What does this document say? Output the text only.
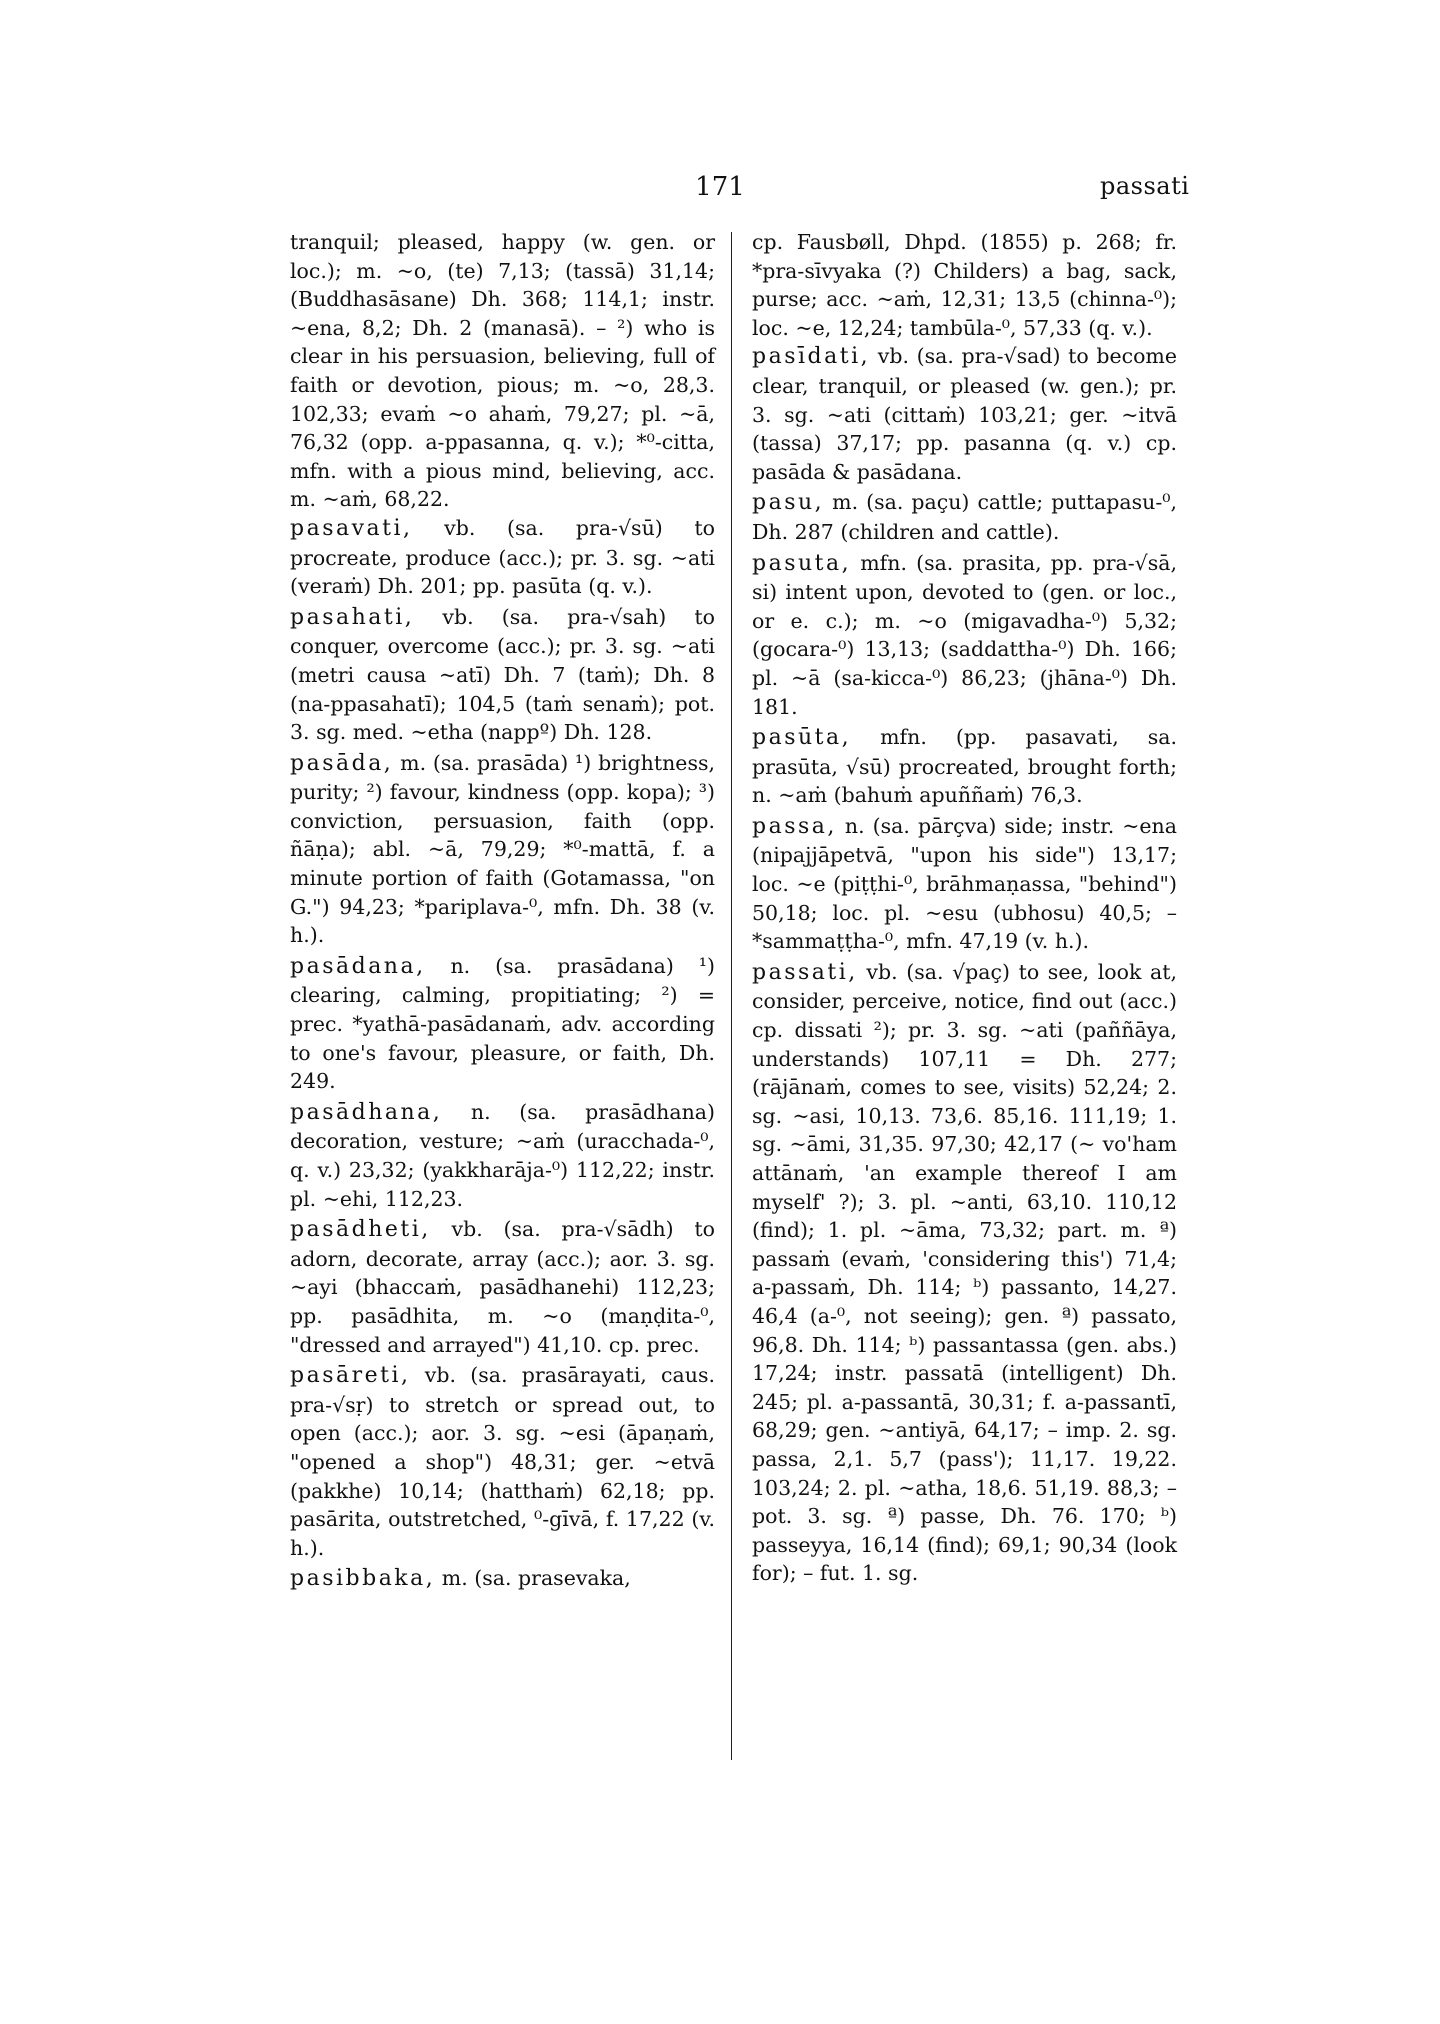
171	passati

tranquil; pleased, happy (w. gen. or loc.); m. ~o, (te) 7,13; (tassā) 31,14; (Buddhasāsane) Dh. 368; 114,1; instr. ~ena, 8,2; Dh. 2 (manasā). – ²) who is clear in his persuasion, believing, full of faith or devotion, pious; m. ~o, 28,3. 102,33; evaṁ ~o ahaṁ, 79,27; pl. ~ā, 76,32 (opp. a-ppasanna, q. v.); *⁰-citta, mfn. with a pious mind, believing, acc. m. ~aṁ, 68,22.

pasavati, vb. (sa. pra-√sū) to procreate, produce (acc.); pr. 3. sg. ~ati (veraṁ) Dh. 201; pp. pasūta (q. v.).

pasahati, vb. (sa. pra-√sah) to conquer, overcome (acc.); pr. 3. sg. ~ati (metri causa ~atī) Dh. 7 (taṁ); Dh. 8 (na-ppasahatī); 104,5 (taṁ senaṁ); pot. 3. sg. med. ~etha (nappº) Dh. 128.

pasāda, m. (sa. prasāda) ¹) brightness, purity; ²) favour, kindness (opp. kopa); ³) conviction, persuasion, faith (opp. ñāṇa); abl. ~ā, 79,29; *⁰-mattā, f. a minute portion of faith (Gotamassa, "on G.") 94,23; *pariplava-⁰, mfn. Dh. 38 (v. h.).

pasādana, n. (sa. prasādana) ¹) clearing, calming, propitiating; ²) = prec. *yathā-pasādanaṁ, adv. according to one's favour, pleasure, or faith, Dh. 249.

pasādhana, n. (sa. prasādhana) decoration, vesture; ~aṁ (uracchada-⁰, q. v.) 23,32; (yakkharāja-⁰) 112,22; instr. pl. ~ehi, 112,23.

pasādheti, vb. (sa. pra-√sādh) to adorn, decorate, array (acc.); aor. 3. sg. ~ayi (bhaccaṁ, pasādhanehi) 112,23; pp. pasādhita, m. ~o (maṇḍita-⁰, "dressed and arrayed") 41,10. cp. prec.

pasāreti, vb. (sa. prasārayati, caus. pra-√sṛ) to stretch or spread out, to open (acc.); aor. 3. sg. ~esi (āpaṇaṁ, "opened a shop") 48,31; ger. ~etvā (pakkhe) 10,14; (hatthaṁ) 62,18; pp. pasārita, outstretched, ⁰-gīvā, f. 17,22 (v. h.).

pasibbaka, m. (sa. prasevaka,

cp. Fausbøll, Dhpd. (1855) p. 268; fr. *pra-sīvyaka (?) Childers) a bag, sack, purse; acc. ~aṁ, 12,31; 13,5 (chinna-⁰); loc. ~e, 12,24; tambūla-⁰, 57,33 (q. v.).

pasīdati, vb. (sa. pra-√sad) to become clear, tranquil, or pleased (w. gen.); pr. 3. sg. ~ati (cittaṁ) 103,21; ger. ~itvā (tassa) 37,17; pp. pasanna (q. v.) cp. pasāda & pasādana.

pasu, m. (sa. paçu) cattle; puttapasu-⁰, Dh. 287 (children and cattle).

pasuta, mfn. (sa. prasita, pp. pra-√sā, si) intent upon, devoted to (gen. or loc., or e. c.); m. ~o (migavadha-⁰) 5,32; (gocara-⁰) 13,13; (saddattha-⁰) Dh. 166; pl. ~ā (sa-kicca-⁰) 86,23; (jhāna-⁰) Dh. 181.

pasūta, mfn. (pp. pasavati, sa. prasūta, √sū) procreated, brought forth; n. ~aṁ (bahuṁ apuññaṁ) 76,3.

passa, n. (sa. pārçva) side; instr. ~ena (nipajjāpetvā, "upon his side") 13,17; loc. ~e (piṭṭhi-⁰, brāhmaṇassa, "behind") 50,18; loc. pl. ~esu (ubhosu) 40,5; – *sammaṭṭha-⁰, mfn. 47,19 (v. h.).

passati, vb. (sa. √paç) to see, look at, consider, perceive, notice, find out (acc.) cp. dissati ²); pr. 3. sg. ~ati (paññāya, understands) 107,11 = Dh. 277; (rājānaṁ, comes to see, visits) 52,24; 2. sg. ~asi, 10,13. 73,6. 85,16. 111,19; 1. sg. ~āmi, 31,35. 97,30; 42,17 (~ vo'ham attānaṁ, 'an example thereof I am myself' ?); 3. pl. ~anti, 63,10. 110,12 (find); 1. pl. ~āma, 73,32; part. m. ª) passaṁ (evaṁ, 'considering this') 71,4; a-passaṁ, Dh. 114; ᵇ) passanto, 14,27. 46,4 (a-⁰, not seeing); gen. ª) passato, 96,8. Dh. 114; ᵇ) passantassa (gen. abs.) 17,24; instr. passatā (intelligent) Dh. 245; pl. a-passantā, 30,31; f. a-passantī, 68,29; gen. ~antiyā, 64,17; – imp. 2. sg. passa, 2,1. 5,7 (pass'); 11,17. 19,22. 103,24; 2. pl. ~atha, 18,6. 51,19. 88,3; – pot. 3. sg. ª) passe, Dh. 76. 170; ᵇ) passeyya, 16,14 (find); 69,1; 90,34 (look for); – fut. 1. sg.
